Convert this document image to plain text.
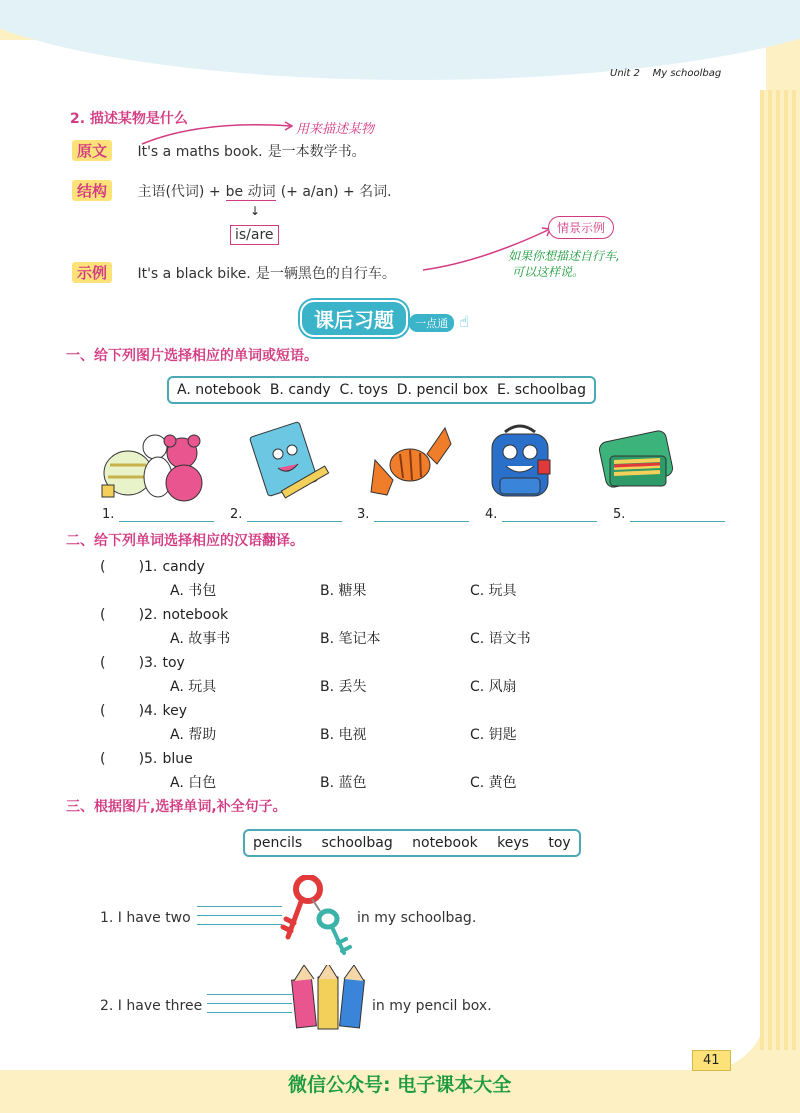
Unit 2 My schoolbag
2. 描述某物是什么
用来描述某物
原文 It's a maths book. 是一本数学书。
结构 主语(代词) + be 动词 (+ a/an) + 名词.
↓
is/are
示例 It's a black bike. 是一辆黑色的自行车。
情景示例
如果你想描述自行车,
可以这样说。
课后习题 一点通 ☝
一、给下列图片选择相应的单词或短语。
A. notebook B. candy C. toys D. pencil box E. schoolbag
1.	2.	3.	4.	5.
二、给下列单词选择相应的汉语翻译。
( )1. candy
A. 书包	B. 糖果	C. 玩具
( )2. notebook
A. 故事书	B. 笔记本	C. 语文书
( )3. toy
A. 玩具	B. 丢失	C. 风扇
( )4. key
A. 帮助	B. 电视	C. 钥匙
( )5. blue
A. 白色	B. 蓝色	C. 黄色
三、根据图片,选择单词,补全句子。
pencils schoolbag notebook keys toy
1. I have two	in my schoolbag.
2. I have three	in my pencil box.
41
微信公众号: 电子课本大全
